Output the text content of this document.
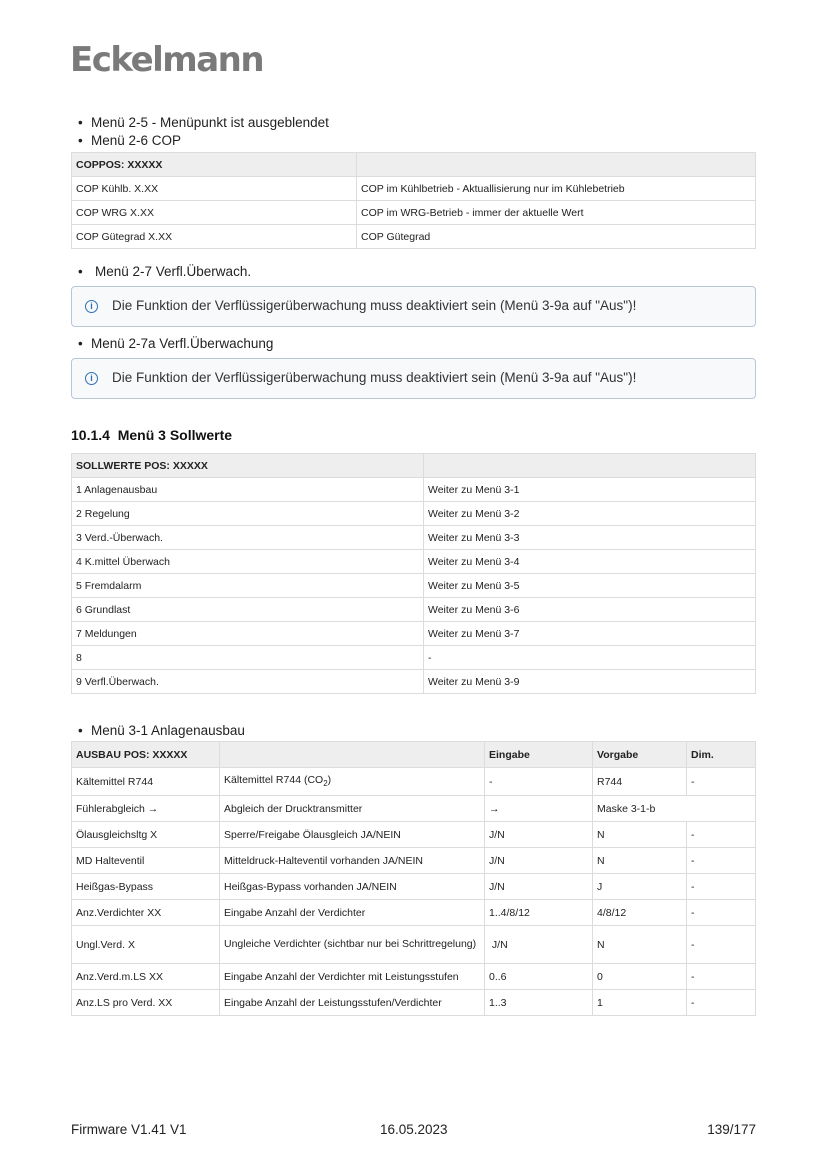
Eckelmann
• Menü 2-5 - Menüpunkt ist ausgeblendet
• Menü 2-6 COP
COPPOS: XXXXX	
COP Kühlb. X.XX	COP im Kühlbetrieb - Aktuallisierung nur im Kühlebetrieb
COP WRG X.XX	COP im WRG-Betrieb - immer der aktuelle Wert
COP Gütegrad X.XX	COP Gütegrad
• Menü 2-7 Verfl.Überwach.
i	Die Funktion der Verflüssigerüberwachung muss deaktiviert sein (Menü 3-9a auf "Aus")!
• Menü 2-7a Verfl.Überwachung
i	Die Funktion der Verflüssigerüberwachung muss deaktiviert sein (Menü 3-9a auf "Aus")!
10.1.4  Menü 3 Sollwerte
SOLLWERTE POS: XXXXX	
1 Anlagenausbau	Weiter zu Menü 3-1
2 Regelung	Weiter zu Menü 3-2
3 Verd.-Überwach.	Weiter zu Menü 3-3
4 K.mittel Überwach	Weiter zu Menü 3-4
5 Fremdalarm	Weiter zu Menü 3-5
6 Grundlast	Weiter zu Menü 3-6
7 Meldungen	Weiter zu Menü 3-7
8	-
9 Verfl.Überwach.	Weiter zu Menü 3-9
• Menü 3-1 Anlagenausbau
AUSBAU POS: XXXXX		Eingabe	Vorgabe	Dim.
Kältemittel R744	Kältemittel R744 $(CO_2)$	-	R744	-
Fühlerabgleich →	Abgleich der Drucktransmitter	→	Maske 3-1-b	
Ölausgleichsltg X	Sperre/Freigabe Ölausgleich JA/NEIN	J/N	N	-
MD Halteventil	Mitteldruck-Halteventil vorhanden JA/NEIN	J/N	N	-
Heißgas-Bypass	Heißgas-Bypass vorhanden JA/NEIN	J/N	J	-
Anz.Verdichter XX	Eingabe Anzahl der Verdichter	1..4/8/12	4/8/12	-
Ungl.Verd. X	Ungleiche Verdichter (sichtbar nur bei Schrittregelung)	J/N	N	-
Anz.Verd.m.LS XX	Eingabe Anzahl der Verdichter mit Leistungsstufen	0..6	0	-
Anz.LS pro Verd. XX	Eingabe Anzahl der Leistungsstufen/Verdichter	1..3	1	-
Firmware V1.41 V1	16.05.2023	139/177
